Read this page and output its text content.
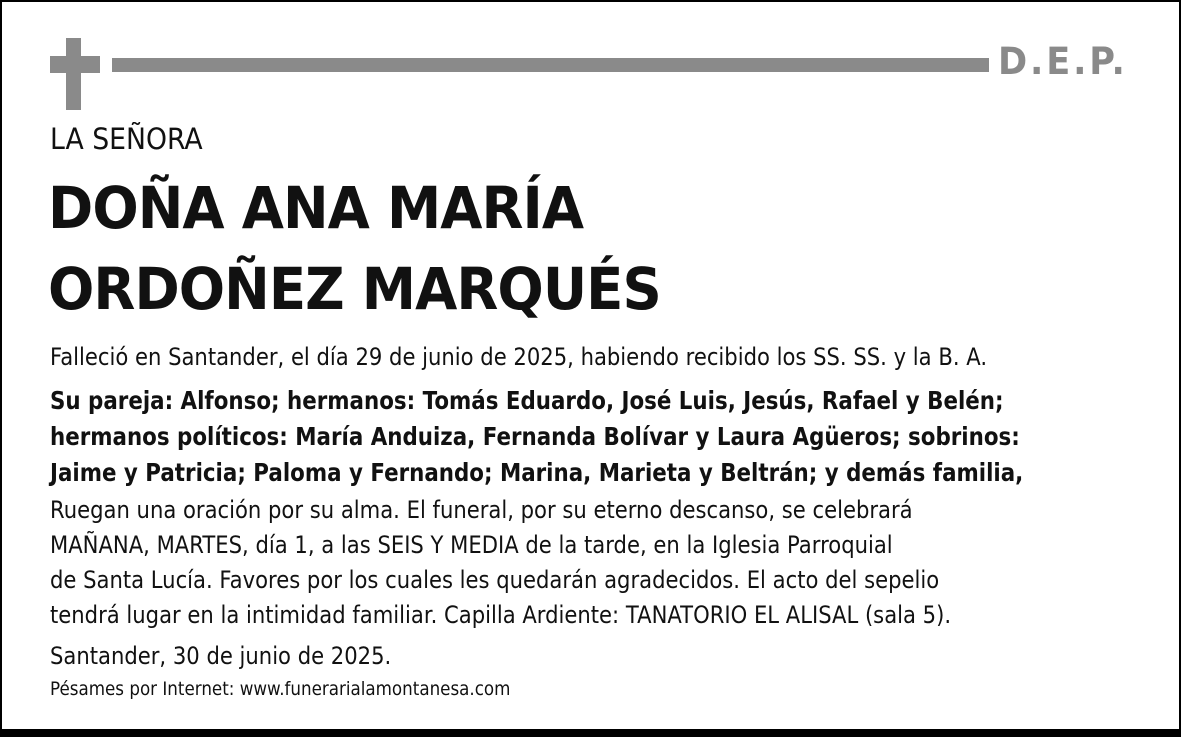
D.E.P.
LA SEÑORA
DOÑA ANA MARÍA
ORDOÑEZ MARQUÉS
Falleció en Santander, el día 29 de junio de 2025, habiendo recibido los SS. SS. y la B. A.
Su pareja: Alfonso; hermanos: Tomás Eduardo, José Luis, Jesús, Rafael y Belén;
hermanos políticos: María Anduiza, Fernanda Bolívar y Laura Agüeros; sobrinos:
Jaime y Patricia; Paloma y Fernando; Marina, Marieta y Beltrán; y demás familia,
Ruegan una oración por su alma. El funeral, por su eterno descanso, se celebrará
MAÑANA, MARTES, día 1, a las SEIS Y MEDIA de la tarde, en la Iglesia Parroquial
de Santa Lucía. Favores por los cuales les quedarán agradecidos. El acto del sepelio
tendrá lugar en la intimidad familiar. Capilla Ardiente: TANATORIO EL ALISAL (sala 5).
Santander, 30 de junio de 2025.
Pésames por Internet: www.funerarialamontanesa.com
